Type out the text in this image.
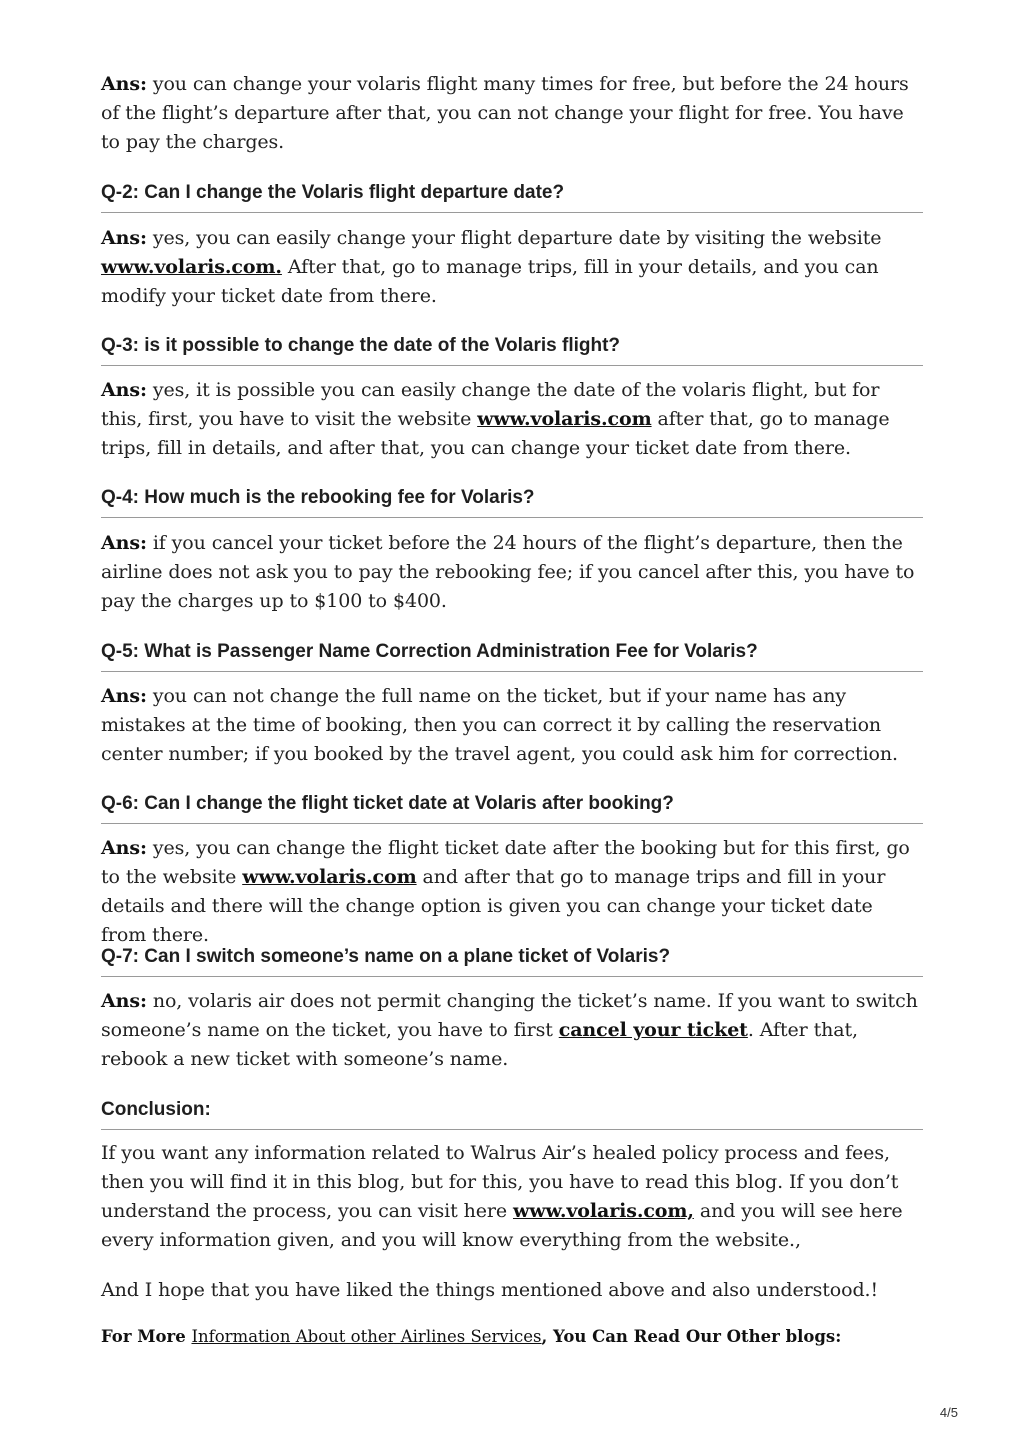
Ans: you can change your volaris flight many times for free, but before the 24 hours of the flight’s departure after that, you can not change your flight for free. You have to pay the charges.

Q-2: Can I change the Volaris flight departure date?

Ans: yes, you can easily change your flight departure date by visiting the website www.volaris.com. After that, go to manage trips, fill in your details, and you can modify your ticket date from there.

Q-3: is it possible to change the date of the Volaris flight?

Ans: yes, it is possible you can easily change the date of the volaris flight, but for this, first, you have to visit the website www.volaris.com after that, go to manage trips, fill in details, and after that, you can change your ticket date from there.

Q-4: How much is the rebooking fee for Volaris?

Ans: if you cancel your ticket before the 24 hours of the flight’s departure, then the airline does not ask you to pay the rebooking fee; if you cancel after this, you have to pay the charges up to $100 to $400.

Q-5: What is Passenger Name Correction Administration Fee for Volaris?

Ans: you can not change the full name on the ticket, but if your name has any mistakes at the time of booking, then you can correct it by calling the reservation center number; if you booked by the travel agent, you could ask him for correction.

Q-6: Can I change the flight ticket date at Volaris after booking?

Ans: yes, you can change the flight ticket date after the booking but for this first, go to the website www.volaris.com and after that go to manage trips and fill in your details and there will the change option is given you can change your ticket date from there.

Q-7: Can I switch someone’s name on a plane ticket of Volaris?

Ans: no, volaris air does not permit changing the ticket’s name. If you want to switch someone’s name on the ticket, you have to first cancel your ticket. After that, rebook a new ticket with someone’s name.

Conclusion:

If you want any information related to Walrus Air’s healed policy process and fees, then you will find it in this blog, but for this, you have to read this blog. If you don’t understand the process, you can visit here www.volaris.com, and you will see here every information given, and you will know everything from the website.,

And I hope that you have liked the things mentioned above and also understood.!

For More Information About other Airlines Services, You Can Read Our Other blogs:

4/5
